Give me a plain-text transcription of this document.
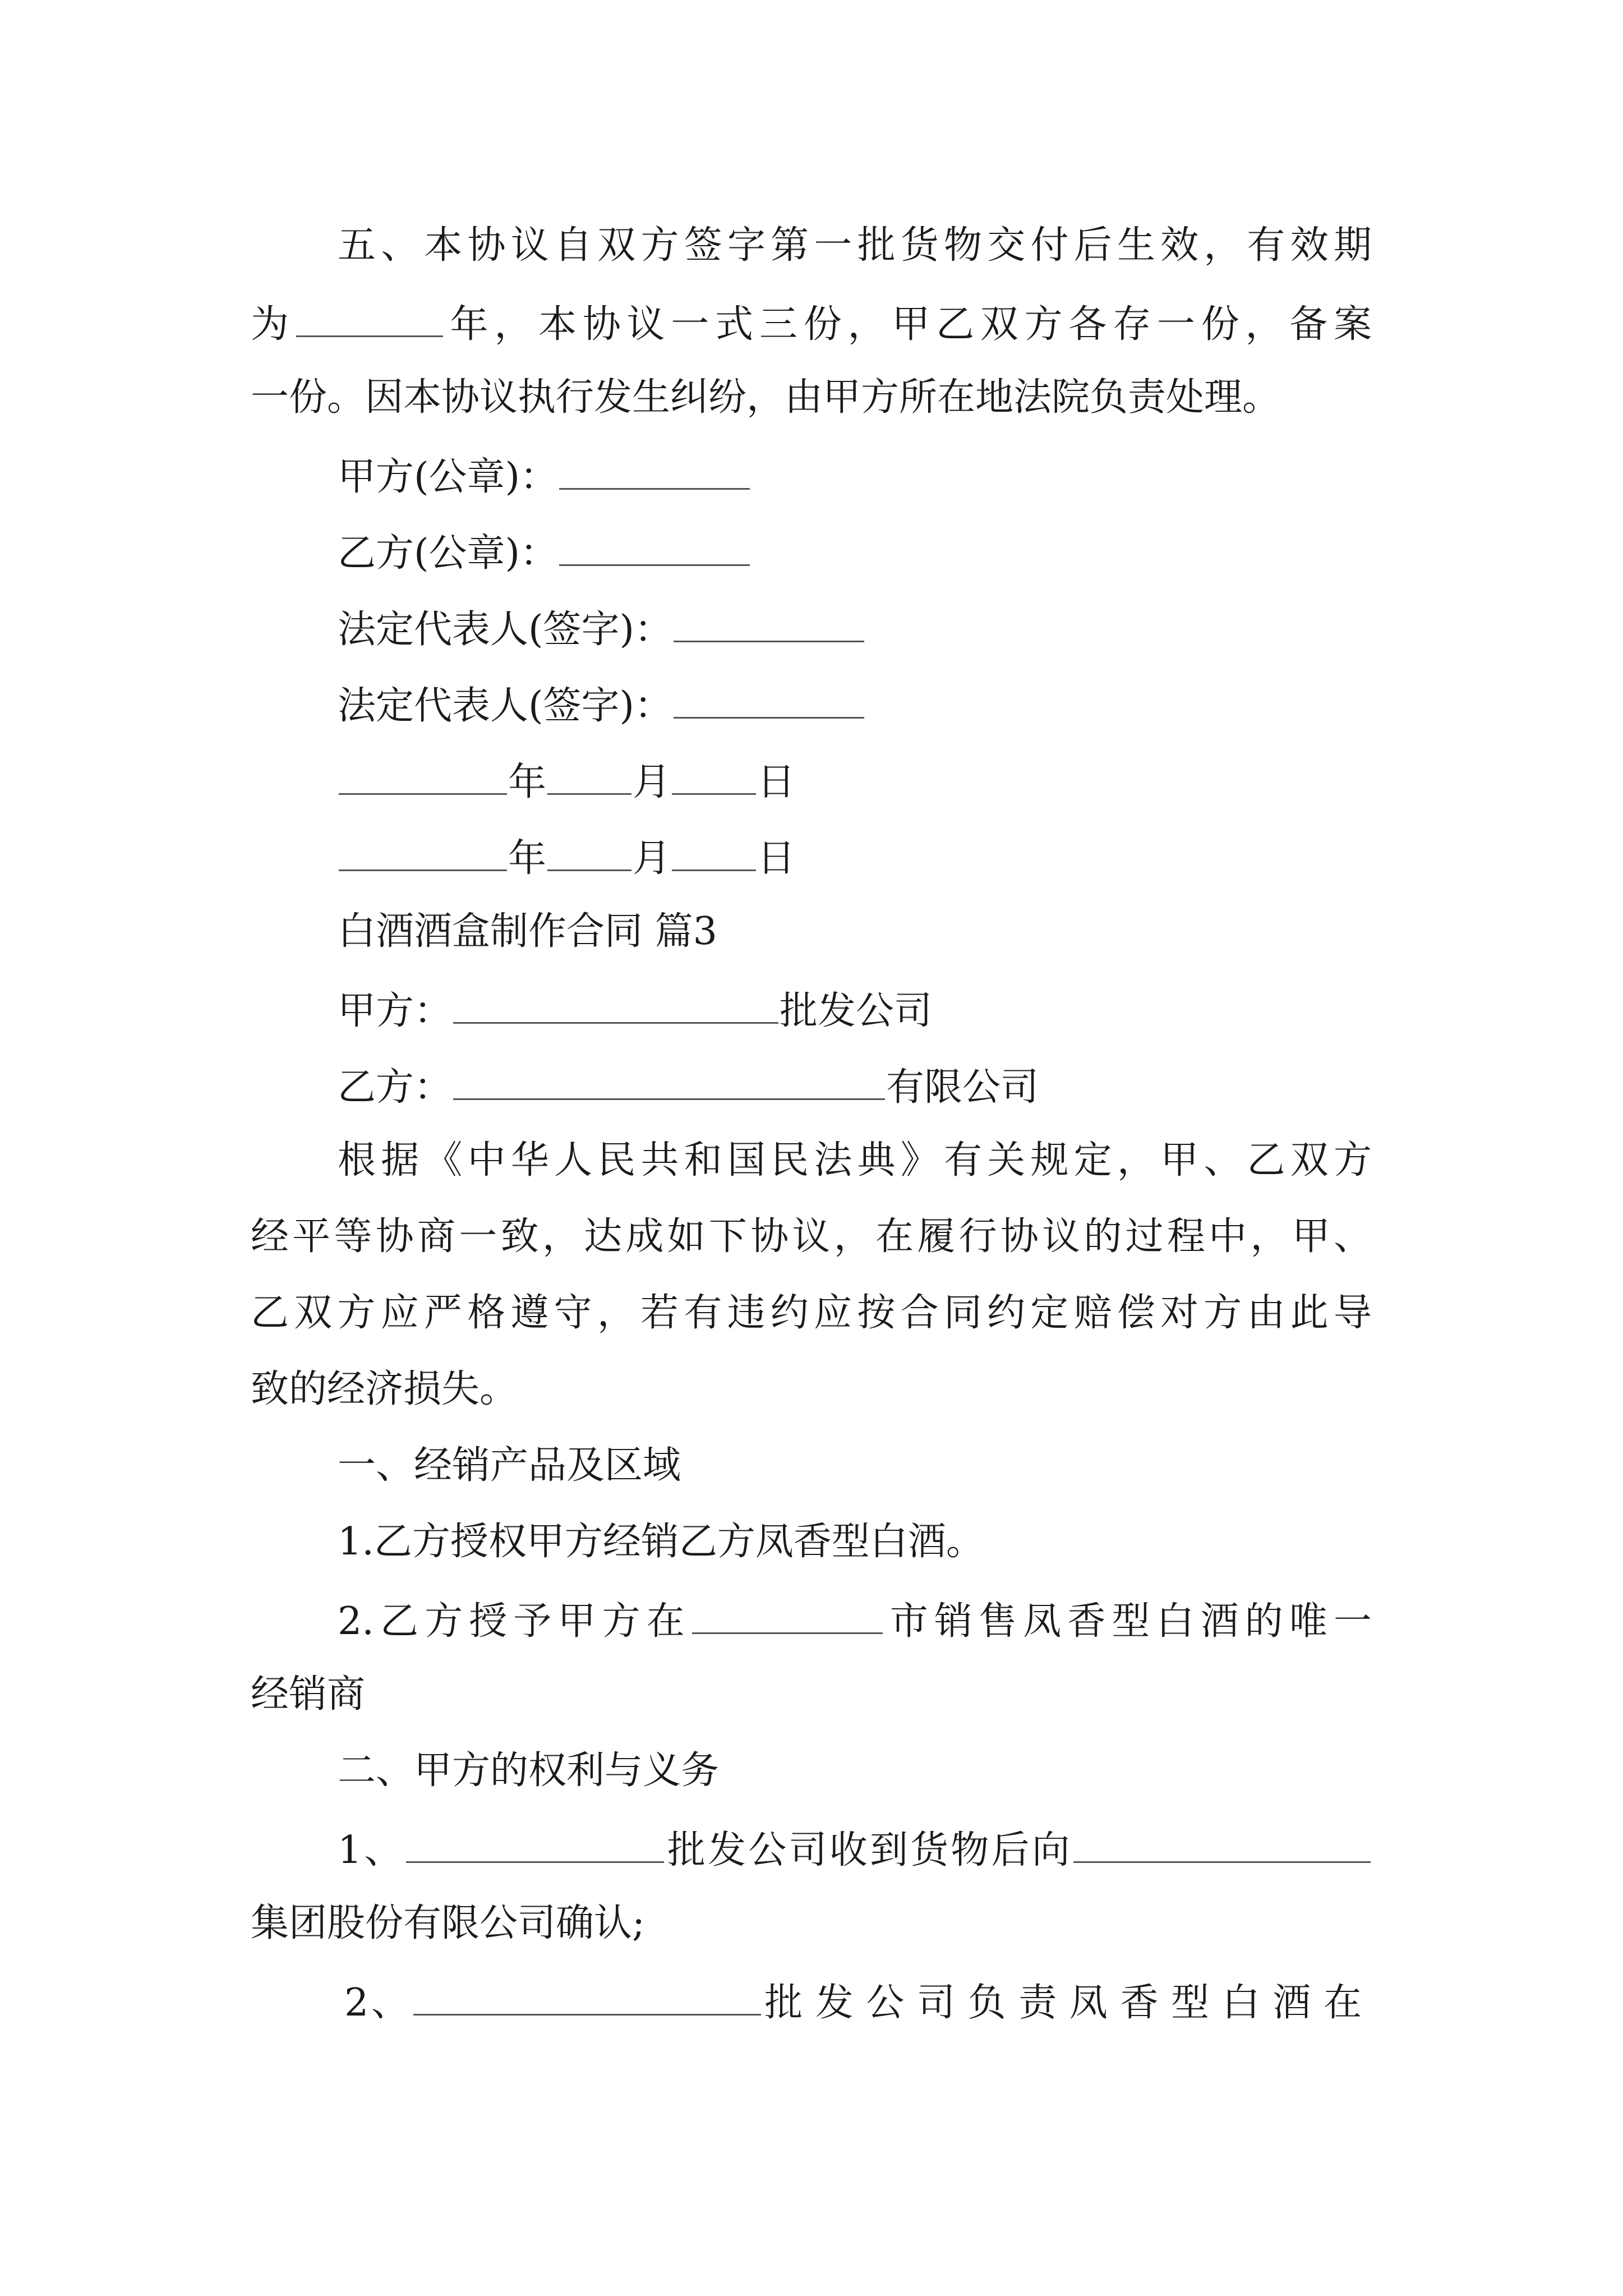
五、本协议自双方签字第一批货物交付后生效，有效期
为	年，本协议一式三份，甲乙双方各存一份，备案
一份。因本协议执行发生纠纷，由甲方所在地法院负责处理。
甲方(公章)：
乙方(公章)：
法定代表人(签字)：
法定代表人(签字)：
年 月 日
年 月 日
白酒酒盒制作合同 篇3
甲方：	批发公司
乙方：	有限公司
根据《中华人民共和国民法典》有关规定，甲、乙双方
经平等协商一致，达成如下协议，在履行协议的过程中，甲、
乙双方应严格遵守，若有违约应按合同约定赔偿对方由此导
致的经济损失。
一、经销产品及区域
1.乙方授权甲方经销乙方凤香型白酒。
2.乙方授予甲方在	市销售凤香型白酒的唯一
经销商
二、甲方的权利与义务
1、	批发公司收到货物后向
集团股份有限公司确认;
2、	批发公司负责凤香型白酒在
